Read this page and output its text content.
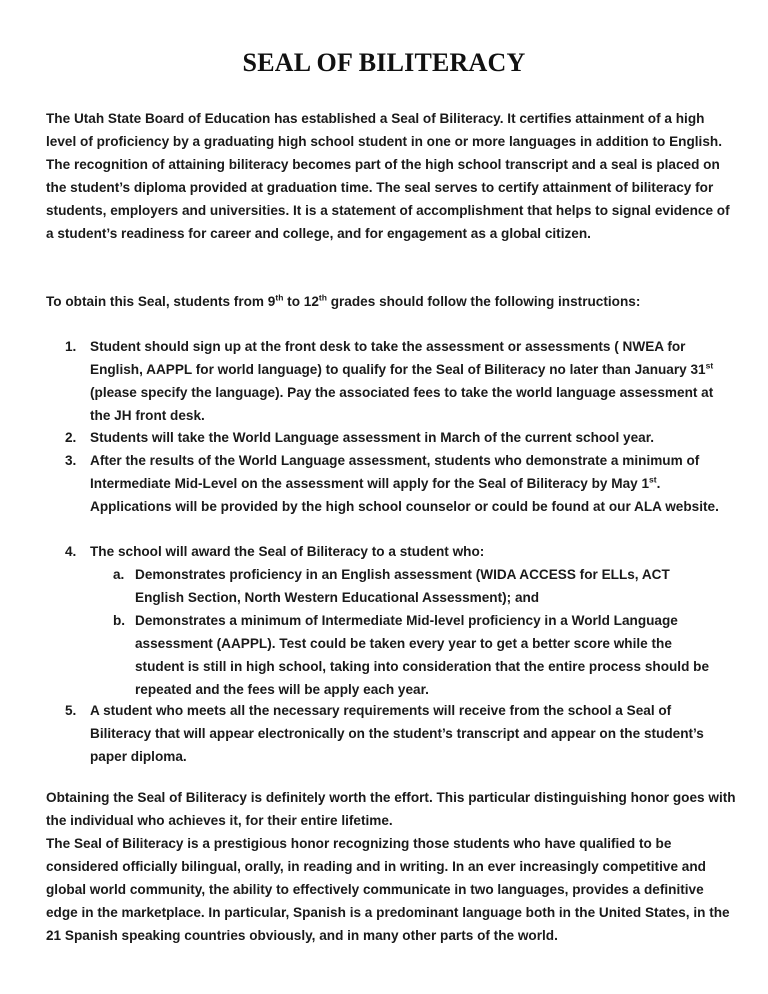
SEAL OF BILITERACY

The Utah State Board of Education has established a Seal of Biliteracy. It certifies attainment of a high level of proficiency by a graduating high school student in one or more languages in addition to English. The recognition of attaining biliteracy becomes part of the high school transcript and a seal is placed on the student’s diploma provided at graduation time. The seal serves to certify attainment of biliteracy for students, employers and universities. It is a statement of accomplishment that helps to signal evidence of a student’s readiness for career and college, and for engagement as a global citizen.

To obtain this Seal, students from 9th to 12th grades should follow the following instructions:

1. Student should sign up at the front desk to take the assessment or assessments ( NWEA for English, AAPPL for world language) to qualify for the Seal of Biliteracy no later than January 31st (please specify the language). Pay the associated fees to take the world language assessment at the JH front desk.

2. Students will take the World Language assessment in March of the current school year.

3. After the results of the World Language assessment, students who demonstrate a minimum of Intermediate Mid-Level on the assessment will apply for the Seal of Biliteracy by May 1st. Applications will be provided by the high school counselor or could be found at our ALA website.

4. The school will award the Seal of Biliteracy to a student who:

a. Demonstrates proficiency in an English assessment (WIDA ACCESS for ELLs, ACT English Section, North Western Educational Assessment); and

b. Demonstrates a minimum of Intermediate Mid-level proficiency in a World Language assessment (AAPPL). Test could be taken every year to get a better score while the student is still in high school, taking into consideration that the entire process should be repeated and the fees will be apply each year.

5. A student who meets all the necessary requirements will receive from the school a Seal of Biliteracy that will appear electronically on the student’s transcript and appear on the student’s paper diploma.

Obtaining the Seal of Biliteracy is definitely worth the effort. This particular distinguishing honor goes with the individual who achieves it, for their entire lifetime.

The Seal of Biliteracy is a prestigious honor recognizing those students who have qualified to be considered officially bilingual, orally, in reading and in writing. In an ever increasingly competitive and global world community, the ability to effectively communicate in two languages, provides a definitive edge in the marketplace. In particular, Spanish is a predominant language both in the United States, in the 21 Spanish speaking countries obviously, and in many other parts of the world.
